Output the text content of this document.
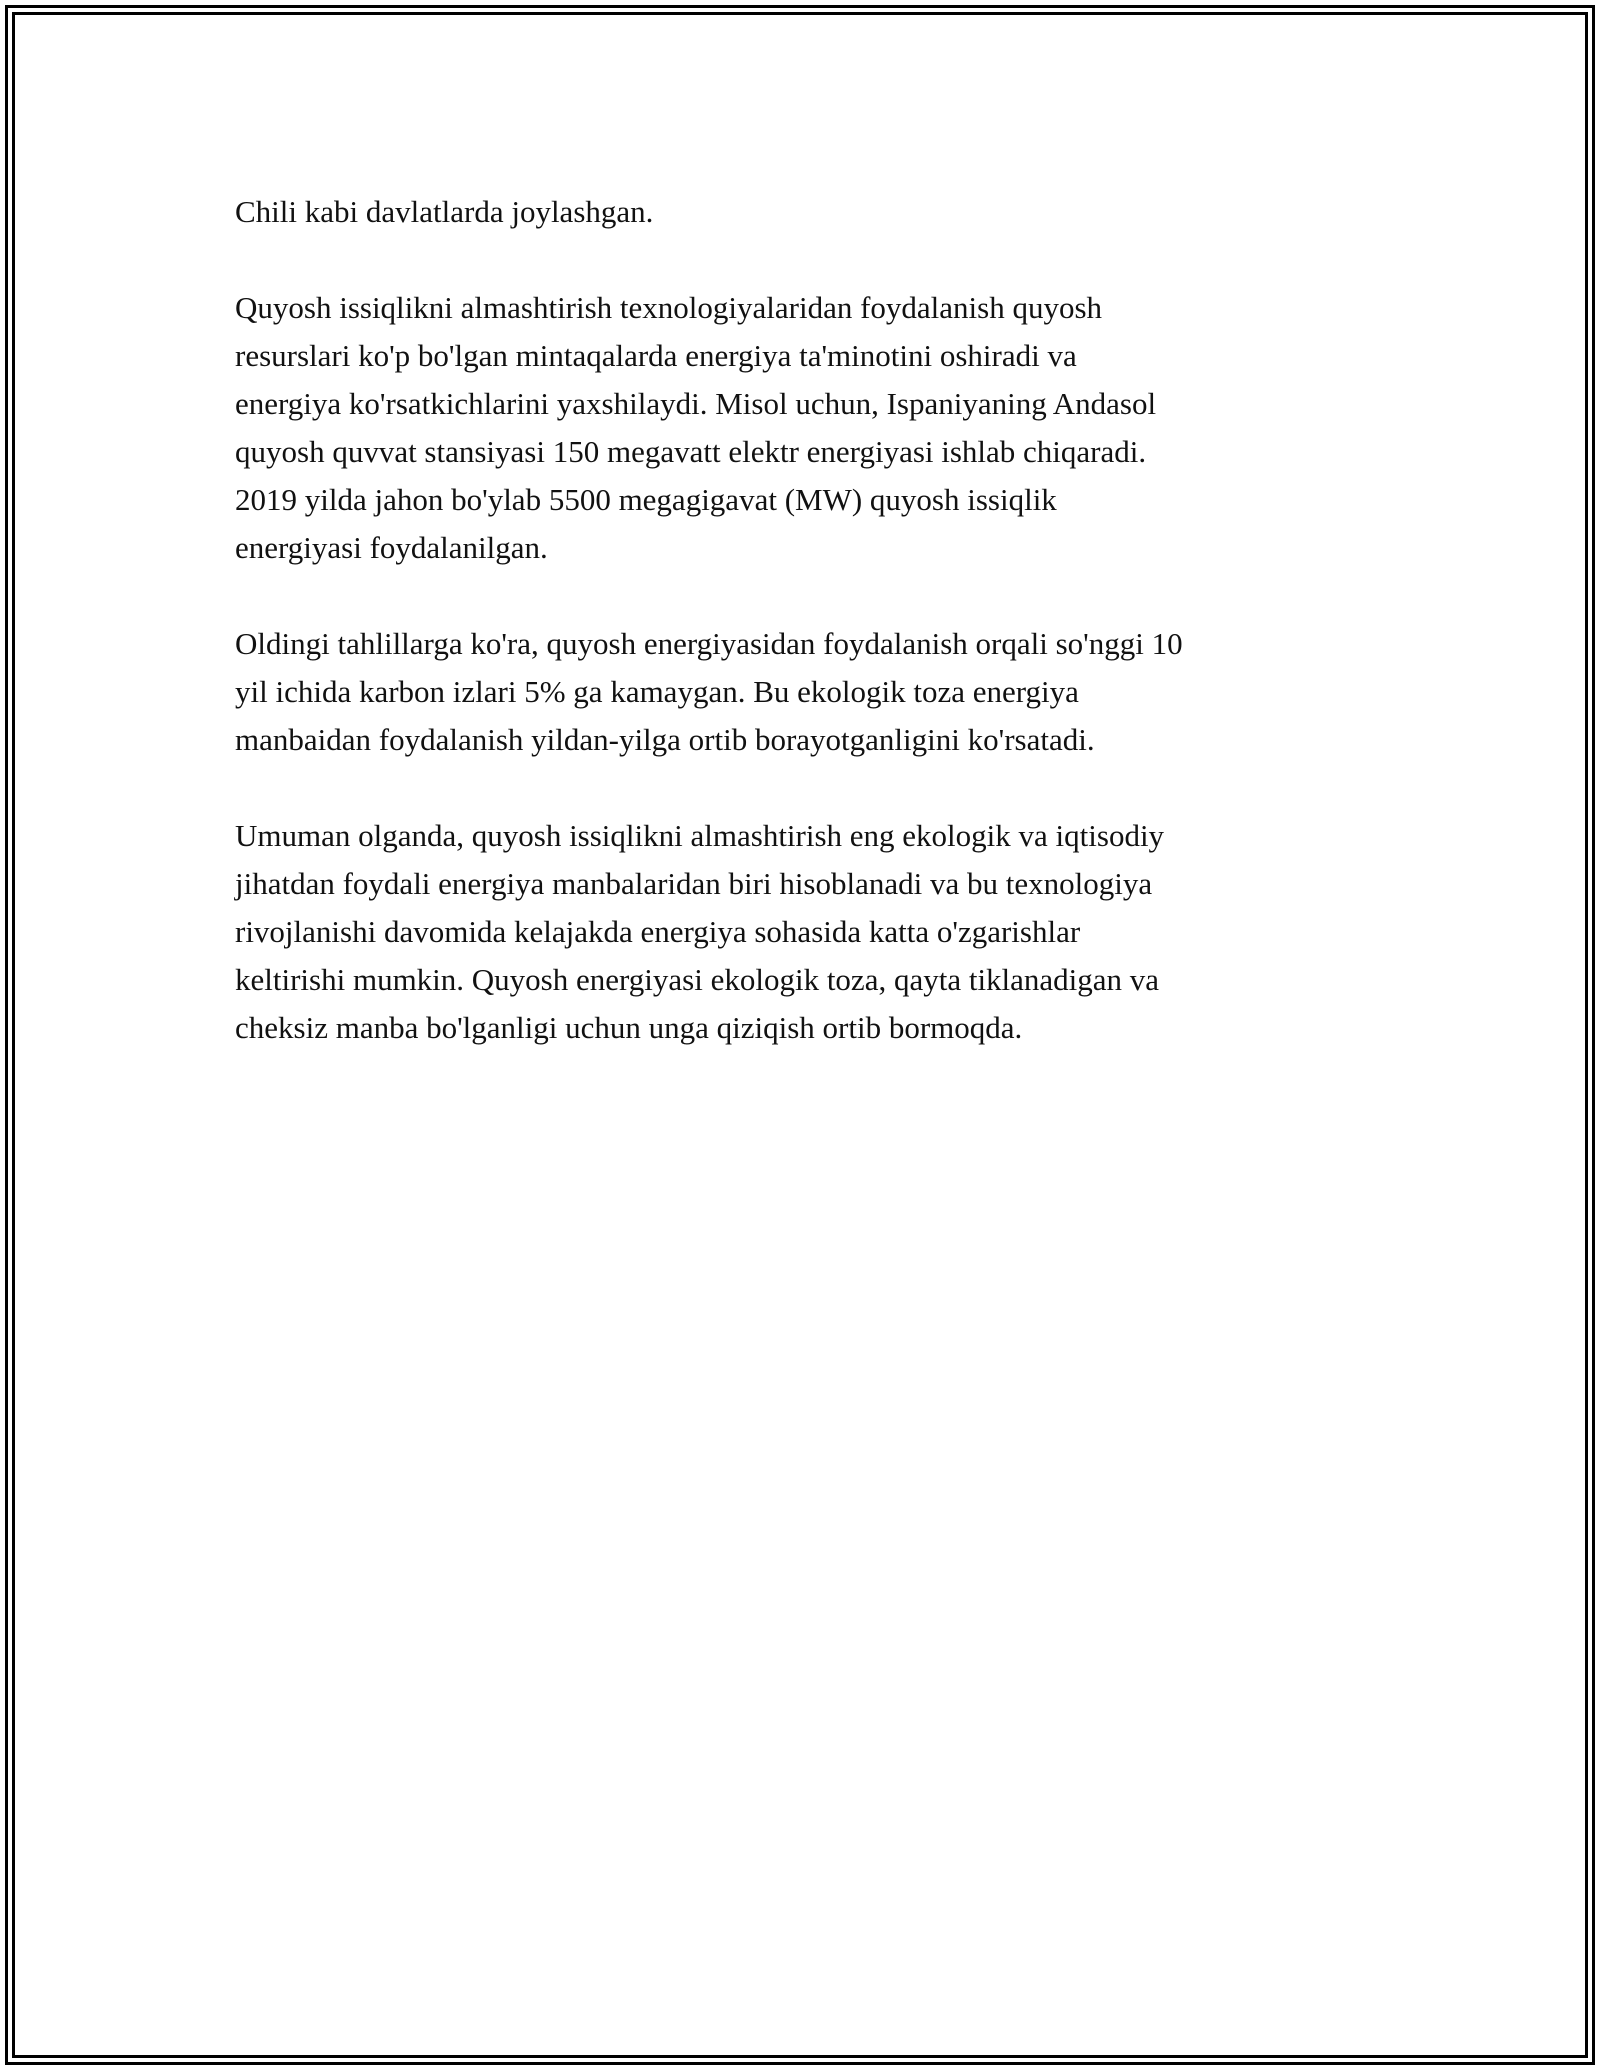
Chili kabi davlatlarda joylashgan.

Quyosh issiqlikni almashtirish texnologiyalaridan foydalanish quyosh
resurslari ko'p bo'lgan mintaqalarda energiya ta'minotini oshiradi va
energiya ko'rsatkichlarini yaxshilaydi. Misol uchun, Ispaniyaning Andasol
quyosh quvvat stansiyasi 150 megavatt elektr energiyasi ishlab chiqaradi.
2019 yilda jahon bo'ylab 5500 megagigavat (MW) quyosh issiqlik
energiyasi foydalanilgan.

Oldingi tahlillarga ko'ra, quyosh energiyasidan foydalanish orqali so'nggi 10
yil ichida karbon izlari 5% ga kamaygan. Bu ekologik toza energiya
manbaidan foydalanish yildan-yilga ortib borayotganligini ko'rsatadi.

Umuman olganda, quyosh issiqlikni almashtirish eng ekologik va iqtisodiy
jihatdan foydali energiya manbalaridan biri hisoblanadi va bu texnologiya
rivojlanishi davomida kelajakda energiya sohasida katta o'zgarishlar
keltirishi mumkin. Quyosh energiyasi ekologik toza, qayta tiklanadigan va
cheksiz manba bo'lganligi uchun unga qiziqish ortib bormoqda.
